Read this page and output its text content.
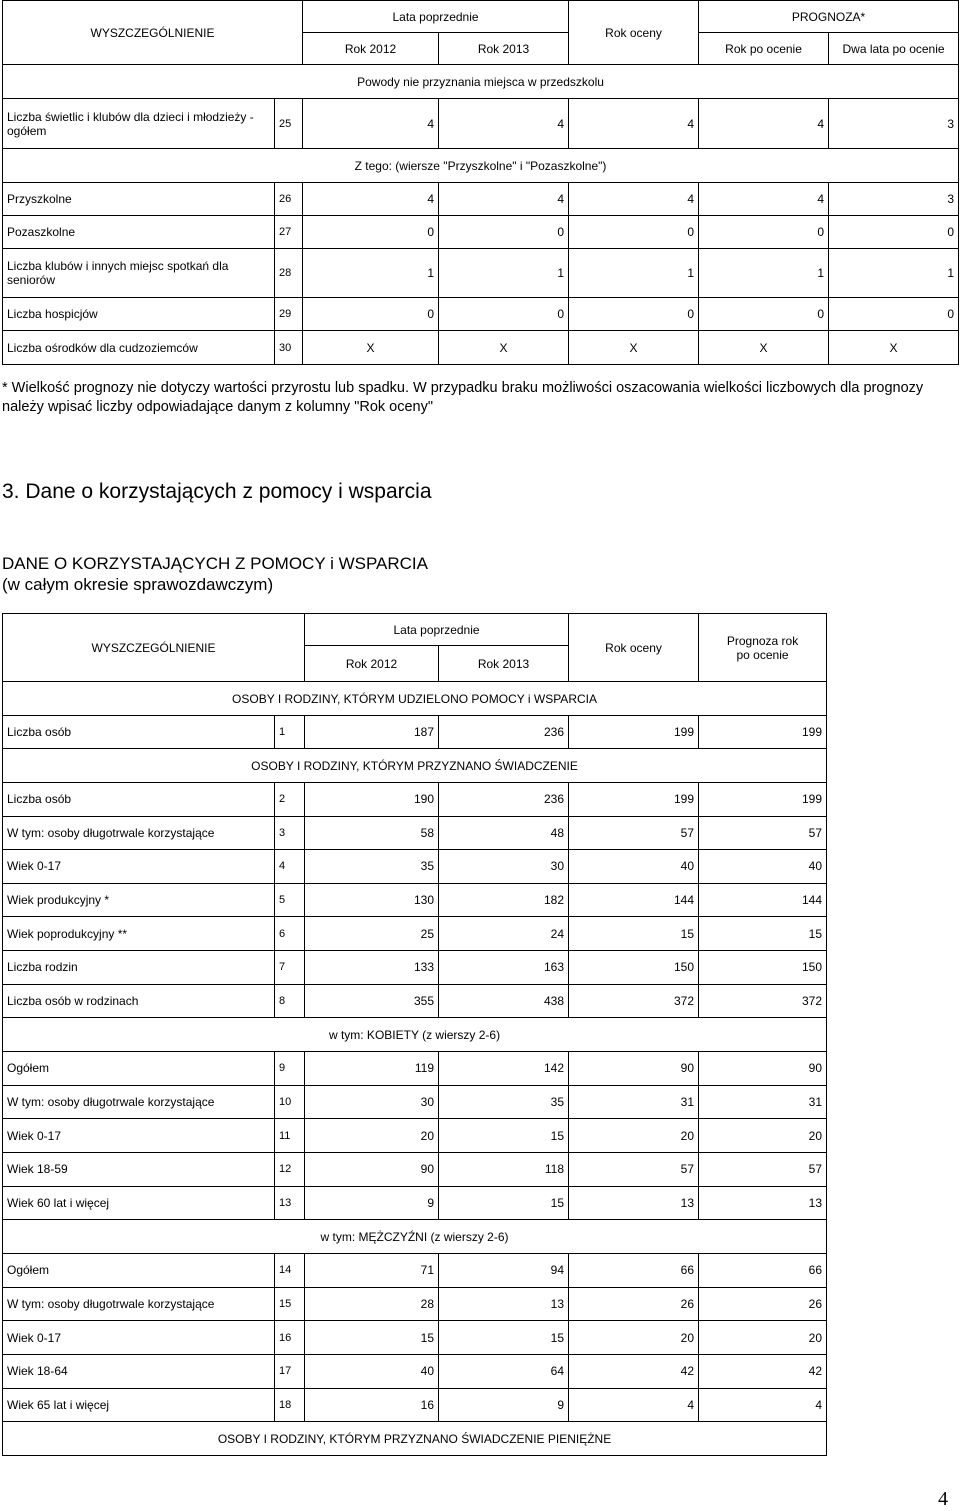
WYSZCZEGÓLNIENIE		Lata poprzednie		Rok oceny	PROGNOZA*	
		Rok 2012	Rok 2013		Rok po ocenie	Dwa lata po ocenie
Powody nie przyznania miejsca w przedszkolu						
Liczba świetlic i klubów dla dzieci i młodzieży - ogółem	25	4	4	4	4	3
Z tego: (wiersze "Przyszkolne" i "Pozaszkolne")						
Przyszkolne	26	4	4	4	4	3
Pozaszkolne	27	0	0	0	0	0
Liczba klubów i innych miejsc spotkań dla seniorów	28	1	1	1	1	1
Liczba hospicjów	29	0	0	0	0	0
Liczba ośrodków dla cudzoziemców	30	X	X	X	X	X
* Wielkość prognozy nie dotyczy wartości przyrostu lub spadku. W przypadku braku możliwości oszacowania wielkości liczbowych dla prognozy należy wpisać liczby odpowiadające danym z kolumny "Rok oceny"
3. Dane o korzystających z pomocy i wsparcia
DANE O KORZYSTAJĄCYCH Z POMOCY i WSPARCIA
(w całym okresie sprawozdawczym)
WYSZCZEGÓLNIENIE		Lata poprzednie		Rok oceny	Prognoza rok po ocenie
		Rok 2012	Rok 2013		
OSOBY I RODZINY, KTÓRYM UDZIELONO POMOCY i WSPARCIA					
Liczba osób	1	187	236	199	199
OSOBY I RODZINY, KTÓRYM PRZYZNANO ŚWIADCZENIE					
Liczba osób	2	190	236	199	199
W tym: osoby długotrwale korzystające	3	58	48	57	57
Wiek 0-17	4	35	30	40	40
Wiek produkcyjny *	5	130	182	144	144
Wiek poprodukcyjny **	6	25	24	15	15
Liczba rodzin	7	133	163	150	150
Liczba osób w rodzinach	8	355	438	372	372
w tym: KOBIETY (z wierszy 2-6)					
Ogółem	9	119	142	90	90
W tym: osoby długotrwale korzystające	10	30	35	31	31
Wiek 0-17	11	20	15	20	20
Wiek 18-59	12	90	118	57	57
Wiek 60 lat i więcej	13	9	15	13	13
w tym: MĘŻCZYŹNI (z wierszy 2-6)					
Ogółem	14	71	94	66	66
W tym: osoby długotrwale korzystające	15	28	13	26	26
Wiek 0-17	16	15	15	20	20
Wiek 18-64	17	40	64	42	42
Wiek 65 lat i więcej	18	16	9	4	4
OSOBY I RODZINY, KTÓRYM PRZYZNANO ŚWIADCZENIE PIENIĘŻNE					
4
